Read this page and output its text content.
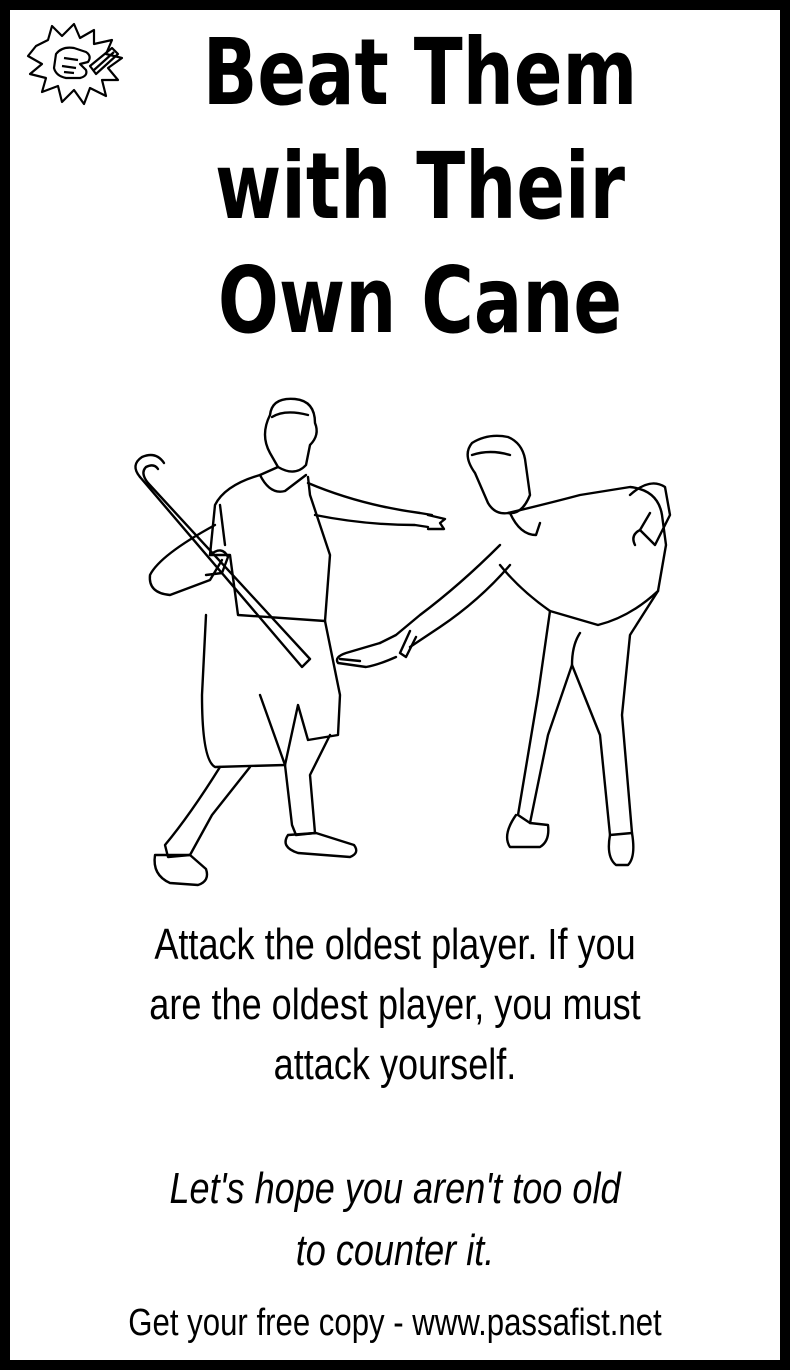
Beat Them
with Their
Own Cane

Attack the oldest player. If you
are the oldest player, you must
attack yourself.

Let's hope you aren't too old
to counter it.

Get your free copy - www.passafist.net
